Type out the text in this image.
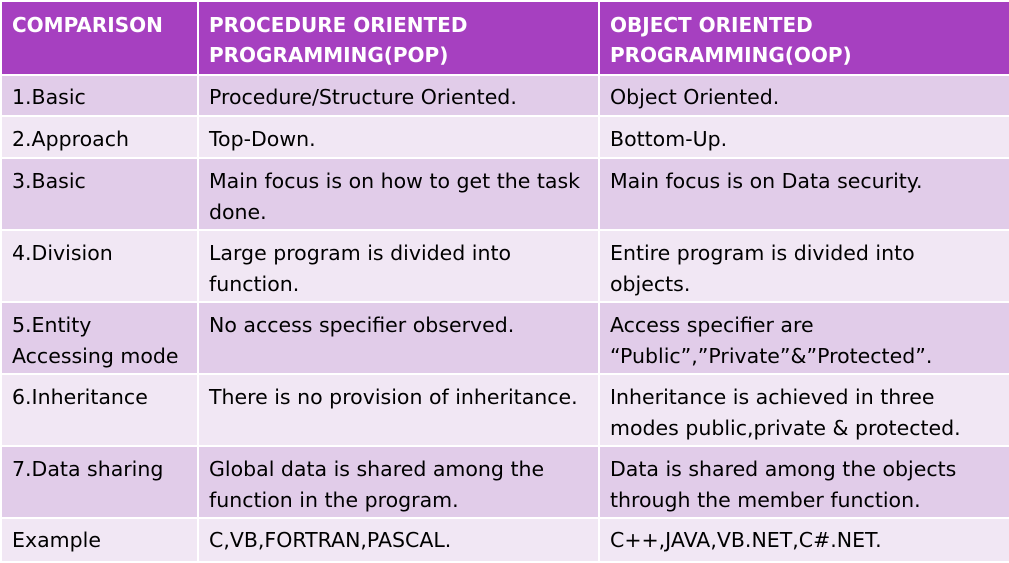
COMPARISON	PROCEDURE ORIENTED PROGRAMMING(POP)	OBJECT ORIENTED PROGRAMMING(OOP)
1.Basic	Procedure/Structure Oriented.	Object Oriented.
2.Approach	Top-Down.	Bottom-Up.
3.Basic	Main focus is on how to get the task done.	Main focus is on Data security.
4.Division	Large program is divided into function.	Entire program is divided into objects.
5.Entity Accessing mode	No access specifier observed.	Access specifier are “Public”,”Private”&”Protected”.
6.Inheritance	There is no provision of inheritance.	Inheritance is achieved in three modes public,private & protected.
7.Data sharing	Global data is shared among the function in the program.	Data is shared among the objects through the member function.
Example	C,VB,FORTRAN,PASCAL.	C++,JAVA,VB.NET,C#.NET.
